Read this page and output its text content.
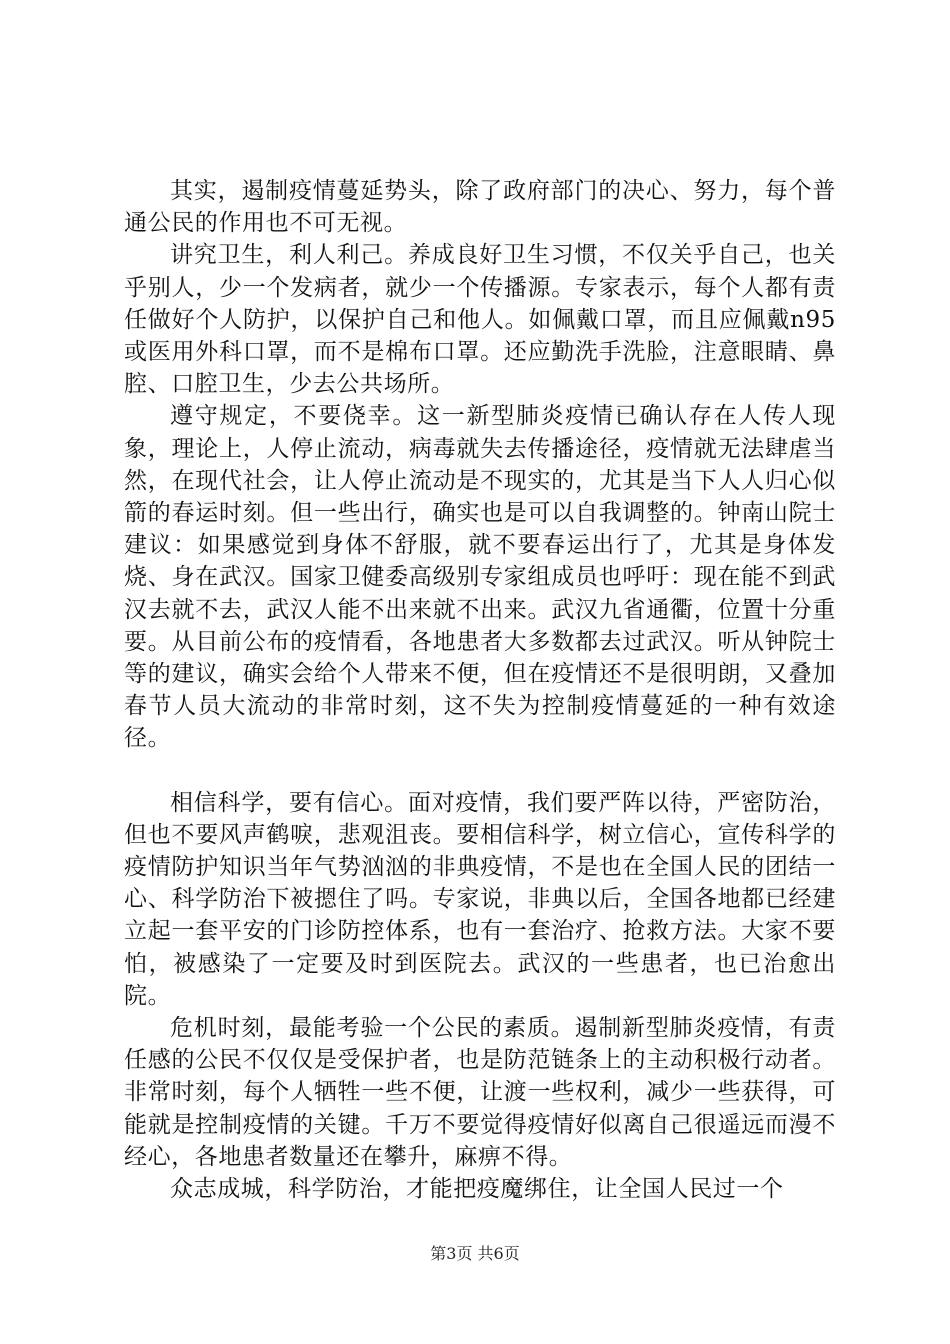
其实，遏制疫情蔓延势头，除了政府部门的决心、努力，每个普通公民的作用也不可无视。

讲究卫生，利人利己。养成良好卫生习惯，不仅关乎自己，也关乎别人，少一个发病者，就少一个传播源。专家表示，每个人都有责任做好个人防护，以保护自己和他人。如佩戴口罩，而且应佩戴n95或医用外科口罩，而不是棉布口罩。还应勤洗手洗脸，注意眼睛、鼻腔、口腔卫生，少去公共场所。

遵守规定，不要侥幸。这一新型肺炎疫情已确认存在人传人现象，理论上，人停止流动，病毒就失去传播途径，疫情就无法肆虐当然，在现代社会，让人停止流动是不现实的，尤其是当下人人归心似箭的春运时刻。但一些出行，确实也是可以自我调整的。钟南山院士建议：如果感觉到身体不舒服，就不要春运出行了，尤其是身体发烧、身在武汉。国家卫健委高级别专家组成员也呼吁：现在能不到武汉去就不去，武汉人能不出来就不出来。武汉九省通衢，位置十分重要。从目前公布的疫情看，各地患者大多数都去过武汉。听从钟院士等的建议，确实会给个人带来不便，但在疫情还不是很明朗，又叠加春节人员大流动的非常时刻，这不失为控制疫情蔓延的一种有效途径。

相信科学，要有信心。面对疫情，我们要严阵以待，严密防治，但也不要风声鹤唳，悲观沮丧。要相信科学，树立信心，宣传科学的疫情防护知识当年气势汹汹的非典疫情，不是也在全国人民的团结一心、科学防治下被摁住了吗。专家说，非典以后，全国各地都已经建立起一套平安的门诊防控体系，也有一套治疗、抢救方法。大家不要怕，被感染了一定要及时到医院去。武汉的一些患者，也已治愈出院。

危机时刻，最能考验一个公民的素质。遏制新型肺炎疫情，有责任感的公民不仅仅是受保护者，也是防范链条上的主动积极行动者。非常时刻，每个人牺牲一些不便，让渡一些权利，减少一些获得，可能就是控制疫情的关键。千万不要觉得疫情好似离自己很遥远而漫不经心，各地患者数量还在攀升，麻痹不得。

众志成城，科学防治，才能把疫魔绑住，让全国人民过一个

第3页 共6页
